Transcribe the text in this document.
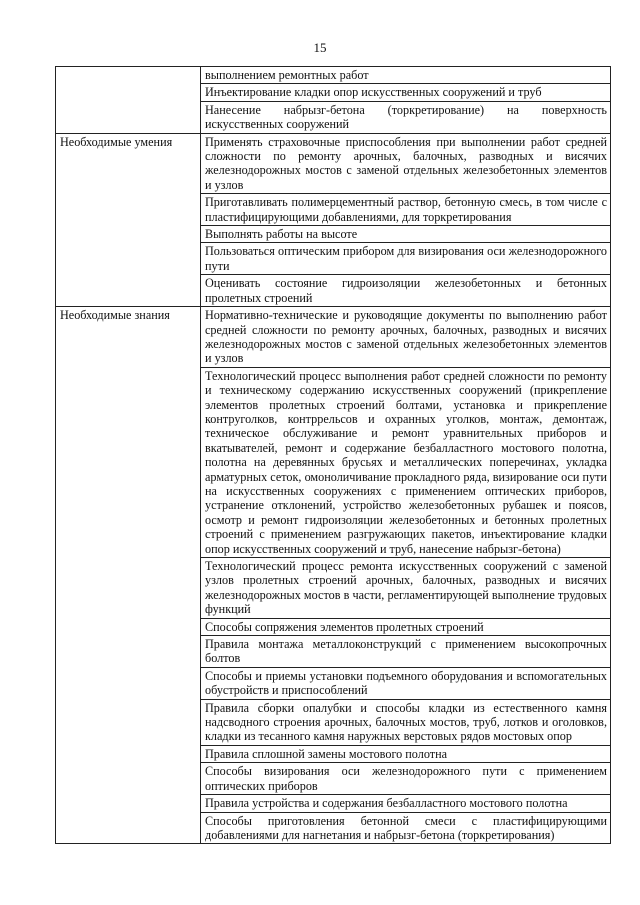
15
	выполнением ремонтных работ
	Инъектирование кладки опор искусственных сооружений и труб
	Нанесение набрызг-бетона (торкретирование) на поверхность искусственных сооружений
Необходимые умения	Применять страховочные приспособления при выполнении работ средней сложности по ремонту арочных, балочных, разводных и висячих железнодорожных мостов с заменой отдельных железобетонных элементов и узлов
	Приготавливать полимерцементный раствор, бетонную смесь, в том числе с пластифицирующими добавлениями, для торкретирования
	Выполнять работы на высоте
	Пользоваться оптическим прибором для визирования оси железнодорожного пути
	Оценивать состояние гидроизоляции железобетонных и бетонных пролетных строений
Необходимые знания	Нормативно-технические и руководящие документы по выполнению работ средней сложности по ремонту арочных, балочных, разводных и висячих железнодорожных мостов с заменой отдельных железобетонных элементов и узлов
	Технологический процесс выполнения работ средней сложности по ремонту и техническому содержанию искусственных сооружений (прикрепление элементов пролетных строений болтами, установка и прикрепление контруголков, контррельсов и охранных уголков, монтаж, демонтаж, техническое обслуживание и ремонт уравнительных приборов и вкатывателей, ремонт и содержание безбалластного мостового полотна, полотна на деревянных брусьях и металлических поперечинах, укладка арматурных сеток, омоноличивание прокладного ряда, визирование оси пути на искусственных сооружениях с применением оптических приборов, устранение отклонений, устройство железобетонных рубашек и поясов, осмотр и ремонт гидроизоляции железобетонных и бетонных пролетных строений с применением разгружающих пакетов, инъектирование кладки опор искусственных сооружений и труб, нанесение набрызг-бетона)
	Технологический процесс ремонта искусственных сооружений с заменой узлов пролетных строений арочных, балочных, разводных и висячих железнодорожных мостов в части, регламентирующей выполнение трудовых функций
	Способы сопряжения элементов пролетных строений
	Правила монтажа металлоконструкций с применением высокопрочных болтов
	Способы и приемы установки подъемного оборудования и вспомогательных обустройств и приспособлений
	Правила сборки опалубки и способы кладки из естественного камня надсводного строения арочных, балочных мостов, труб, лотков и оголовков, кладки из тесанного камня наружных верстовых рядов мостовых опор
	Правила сплошной замены мостового полотна
	Способы визирования оси железнодорожного пути с применением оптических приборов
	Правила устройства и содержания безбалластного мостового полотна
	Способы приготовления бетонной смеси с пластифицирующими добавлениями для нагнетания и набрызг-бетона (торкретирования)
